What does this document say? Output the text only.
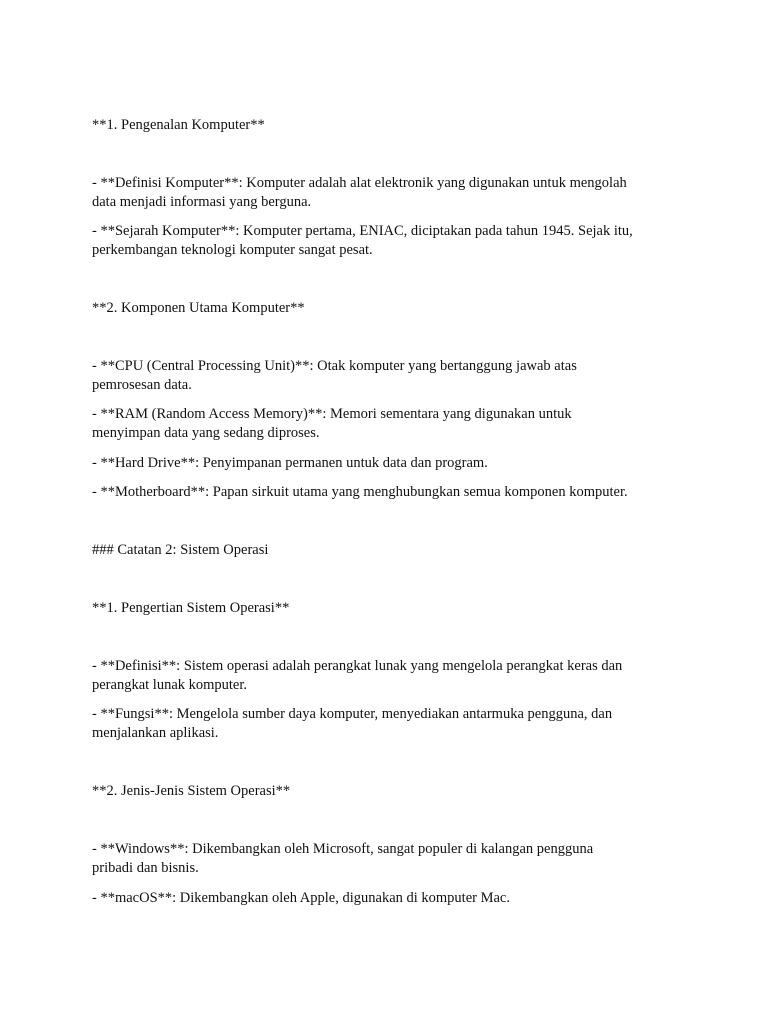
**1. Pengenalan Komputer**

- **Definisi Komputer**: Komputer adalah alat elektronik yang digunakan untuk mengolah

data menjadi informasi yang berguna.

- **Sejarah Komputer**: Komputer pertama, ENIAC, diciptakan pada tahun 1945. Sejak itu,

perkembangan teknologi komputer sangat pesat.

**2. Komponen Utama Komputer**

- **CPU (Central Processing Unit)**: Otak komputer yang bertanggung jawab atas

pemrosesan data.

- **RAM (Random Access Memory)**: Memori sementara yang digunakan untuk

menyimpan data yang sedang diproses.

- **Hard Drive**: Penyimpanan permanen untuk data dan program.

- **Motherboard**: Papan sirkuit utama yang menghubungkan semua komponen komputer.

### Catatan 2: Sistem Operasi

**1. Pengertian Sistem Operasi**

- **Definisi**: Sistem operasi adalah perangkat lunak yang mengelola perangkat keras dan

perangkat lunak komputer.

- **Fungsi**: Mengelola sumber daya komputer, menyediakan antarmuka pengguna, dan

menjalankan aplikasi.

**2. Jenis-Jenis Sistem Operasi**

- **Windows**: Dikembangkan oleh Microsoft, sangat populer di kalangan pengguna

pribadi dan bisnis.

- **macOS**: Dikembangkan oleh Apple, digunakan di komputer Mac.
